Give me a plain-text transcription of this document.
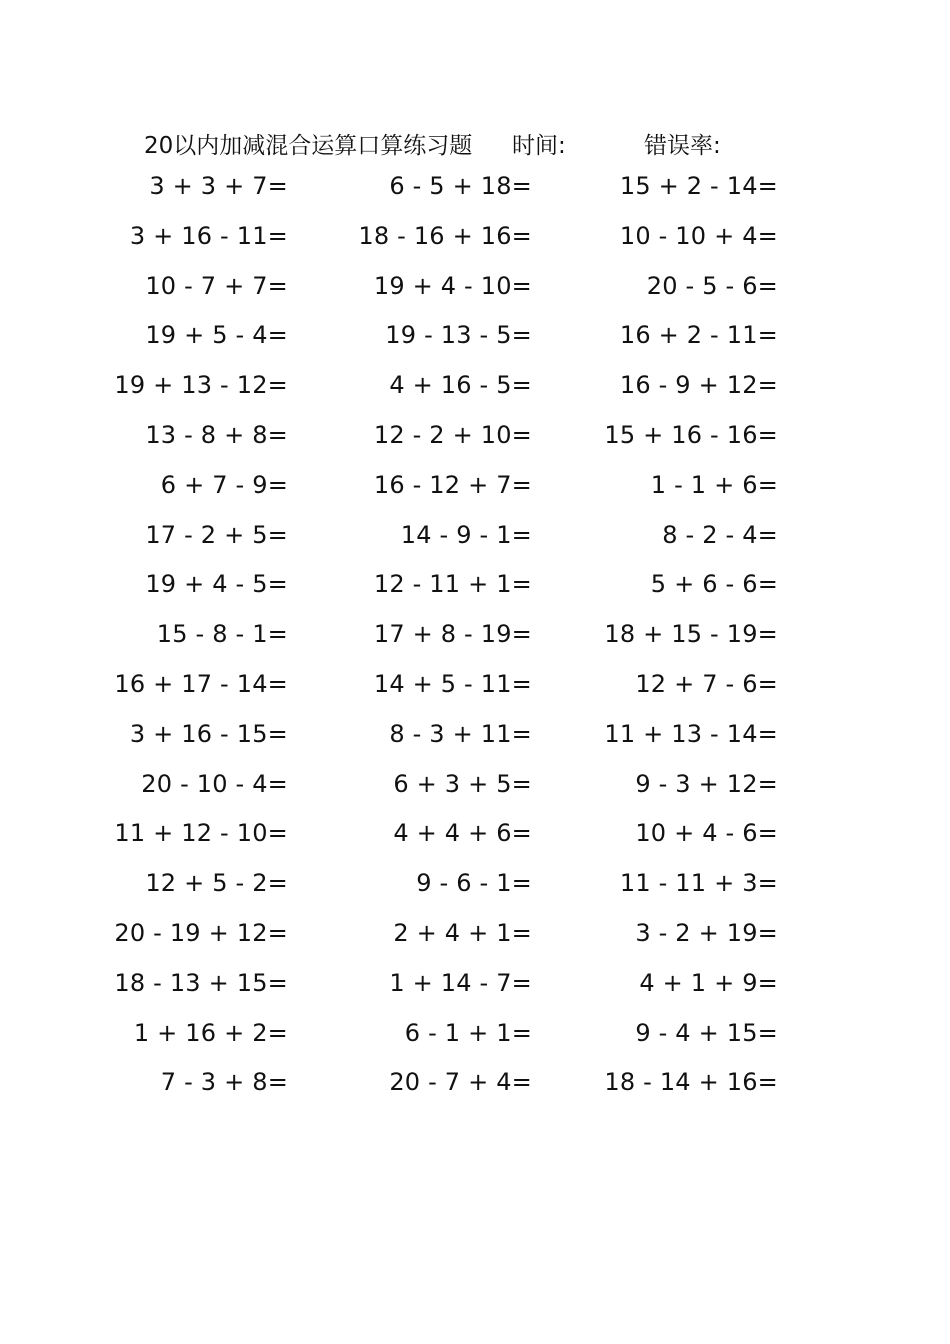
20以内加减混合运算口算练习题

时间:

	错误率:

3 + 3 + 7=	6 - 5 + 18=	15 + 2 - 14=
3 + 16 - 11=	18 - 16 + 16=	10 - 10 + 4=
10 - 7 + 7=	19 + 4 - 10=	20 - 5 - 6=
19 + 5 - 4=	19 - 13 - 5=	16 + 2 - 11=
19 + 13 - 12=	4 + 16 - 5=	16 - 9 + 12=
13 - 8 + 8=	12 - 2 + 10=	15 + 16 - 16=
6 + 7 - 9=	16 - 12 + 7=	1 - 1 + 6=
17 - 2 + 5=	14 - 9 - 1=	8 - 2 - 4=
19 + 4 - 5=	12 - 11 + 1=	5 + 6 - 6=
15 - 8 - 1=	17 + 8 - 19=	18 + 15 - 19=
16 + 17 - 14=	14 + 5 - 11=	12 + 7 - 6=
3 + 16 - 15=	8 - 3 + 11=	11 + 13 - 14=
20 - 10 - 4=	6 + 3 + 5=	9 - 3 + 12=
11 + 12 - 10=	4 + 4 + 6=	10 + 4 - 6=
12 + 5 - 2=	9 - 6 - 1=	11 - 11 + 3=
20 - 19 + 12=	2 + 4 + 1=	3 - 2 + 19=
18 - 13 + 15=	1 + 14 - 7=	4 + 1 + 9=
1 + 16 + 2=	6 - 1 + 1=	9 - 4 + 15=
7 - 3 + 8=	20 - 7 + 4=	18 - 14 + 16=
